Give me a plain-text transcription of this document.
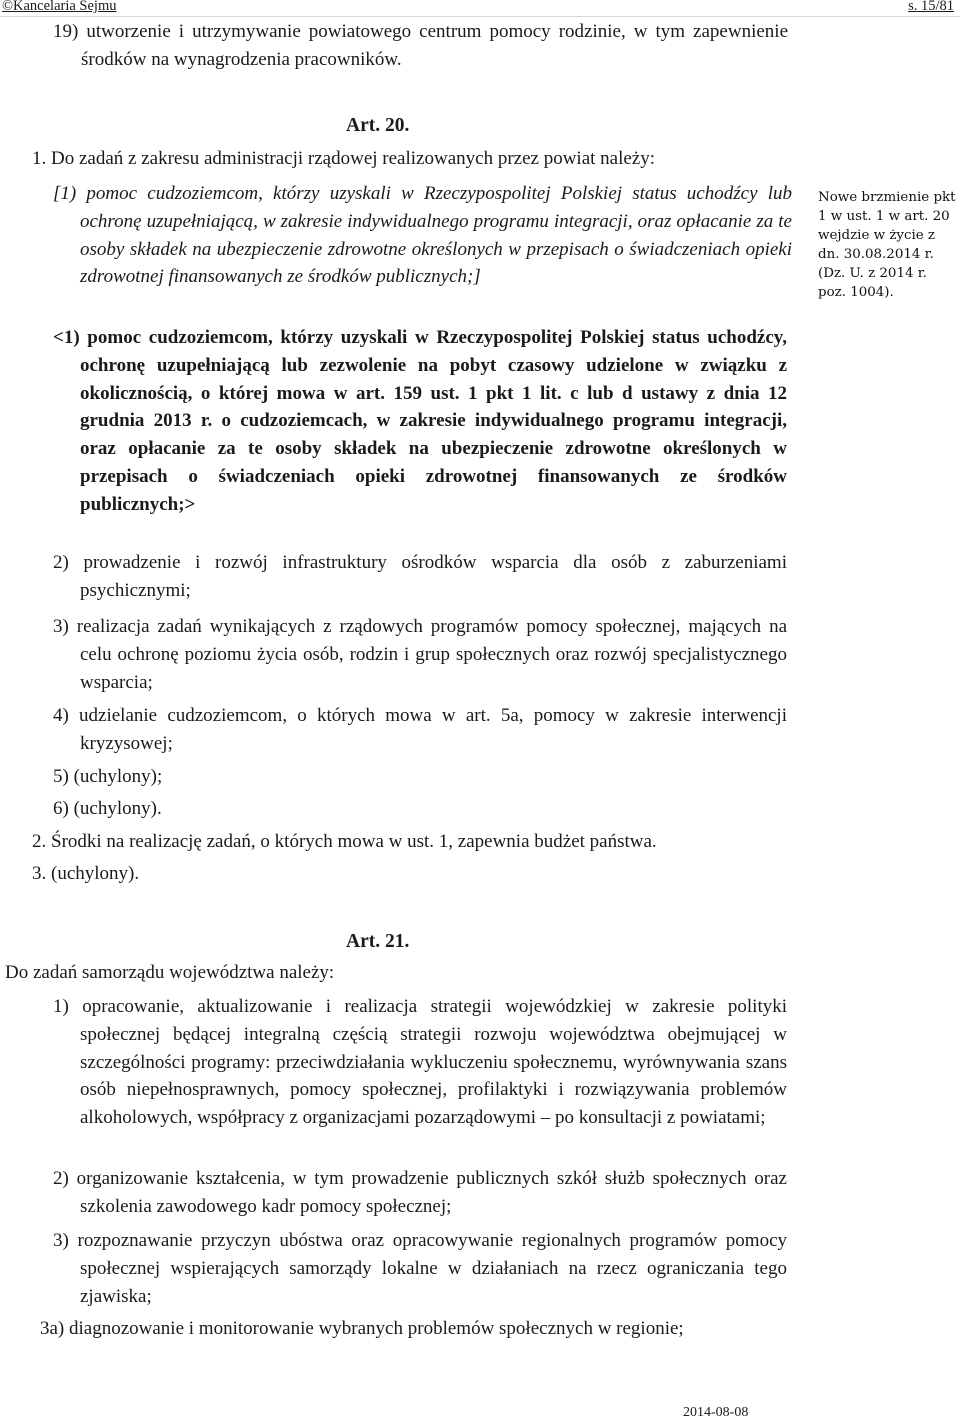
©Kancelaria Sejmu	s. 15/81
19) utworzenie i utrzymywanie powiatowego centrum pomocy rodzinie, w tym zapewnienie środków na wynagrodzenia pracowników.
Art. 20.
1. Do zadań z zakresu administracji rządowej realizowanych przez powiat należy:
[1) pomoc cudzoziemcom, którzy uzyskali w Rzeczypospolitej Polskiej status uchodźcy lub ochronę uzupełniającą, w zakresie indywidualnego programu integracji, oraz opłacanie za te osoby składek na ubezpieczenie zdrowotne określonych w przepisach o świadczeniach opieki zdrowotnej finansowanych ze środków publicznych;]
<1) pomoc cudzoziemcom, którzy uzyskali w Rzeczypospolitej Polskiej status uchodźcy, ochronę uzupełniającą lub zezwolenie na pobyt czasowy udzielone w związku z okolicznością, o której mowa w art. 159 ust. 1 pkt 1 lit. c lub d ustawy z dnia 12 grudnia 2013 r. o cudzoziemcach, w zakresie indywidualnego programu integracji, oraz opłacanie za te osoby składek na ubezpieczenie zdrowotne określonych w przepisach o świadczeniach opieki zdrowotnej finansowanych ze środków publicznych;>
2) prowadzenie i rozwój infrastruktury ośrodków wsparcia dla osób z zaburzeniami psychicznymi;
3) realizacja zadań wynikających z rządowych programów pomocy społecznej, mających na celu ochronę poziomu życia osób, rodzin i grup społecznych oraz rozwój specjalistycznego wsparcia;
4) udzielanie cudzoziemcom, o których mowa w art. 5a, pomocy w zakresie interwencji kryzysowej;
5) (uchylony);
6) (uchylony).
2. Środki na realizację zadań, o których mowa w ust. 1, zapewnia budżet państwa.
3. (uchylony).
Art. 21.
Do zadań samorządu województwa należy:
1) opracowanie, aktualizowanie i realizacja strategii wojewódzkiej w zakresie polityki społecznej będącej integralną częścią strategii rozwoju województwa obejmującej w szczególności programy: przeciwdziałania wykluczeniu społecznemu, wyrównywania szans osób niepełnosprawnych, pomocy społecznej, profilaktyki i rozwiązywania problemów alkoholowych, współpracy z organizacjami pozarządowymi – po konsultacji z powiatami;
2) organizowanie kształcenia, w tym prowadzenie publicznych szkół służb społecznych oraz szkolenia zawodowego kadr pomocy społecznej;
3) rozpoznawanie przyczyn ubóstwa oraz opracowywanie regionalnych programów pomocy społecznej wspierających samorządy lokalne w działaniach na rzecz ograniczania tego zjawiska;
3a) diagnozowanie i monitorowanie wybranych problemów społecznych w regionie;
Nowe brzmienie pkt 1 w ust. 1 w art. 20 wejdzie w życie z dn. 30.08.2014 r. (Dz. U. z 2014 r. poz. 1004).
2014-08-08
